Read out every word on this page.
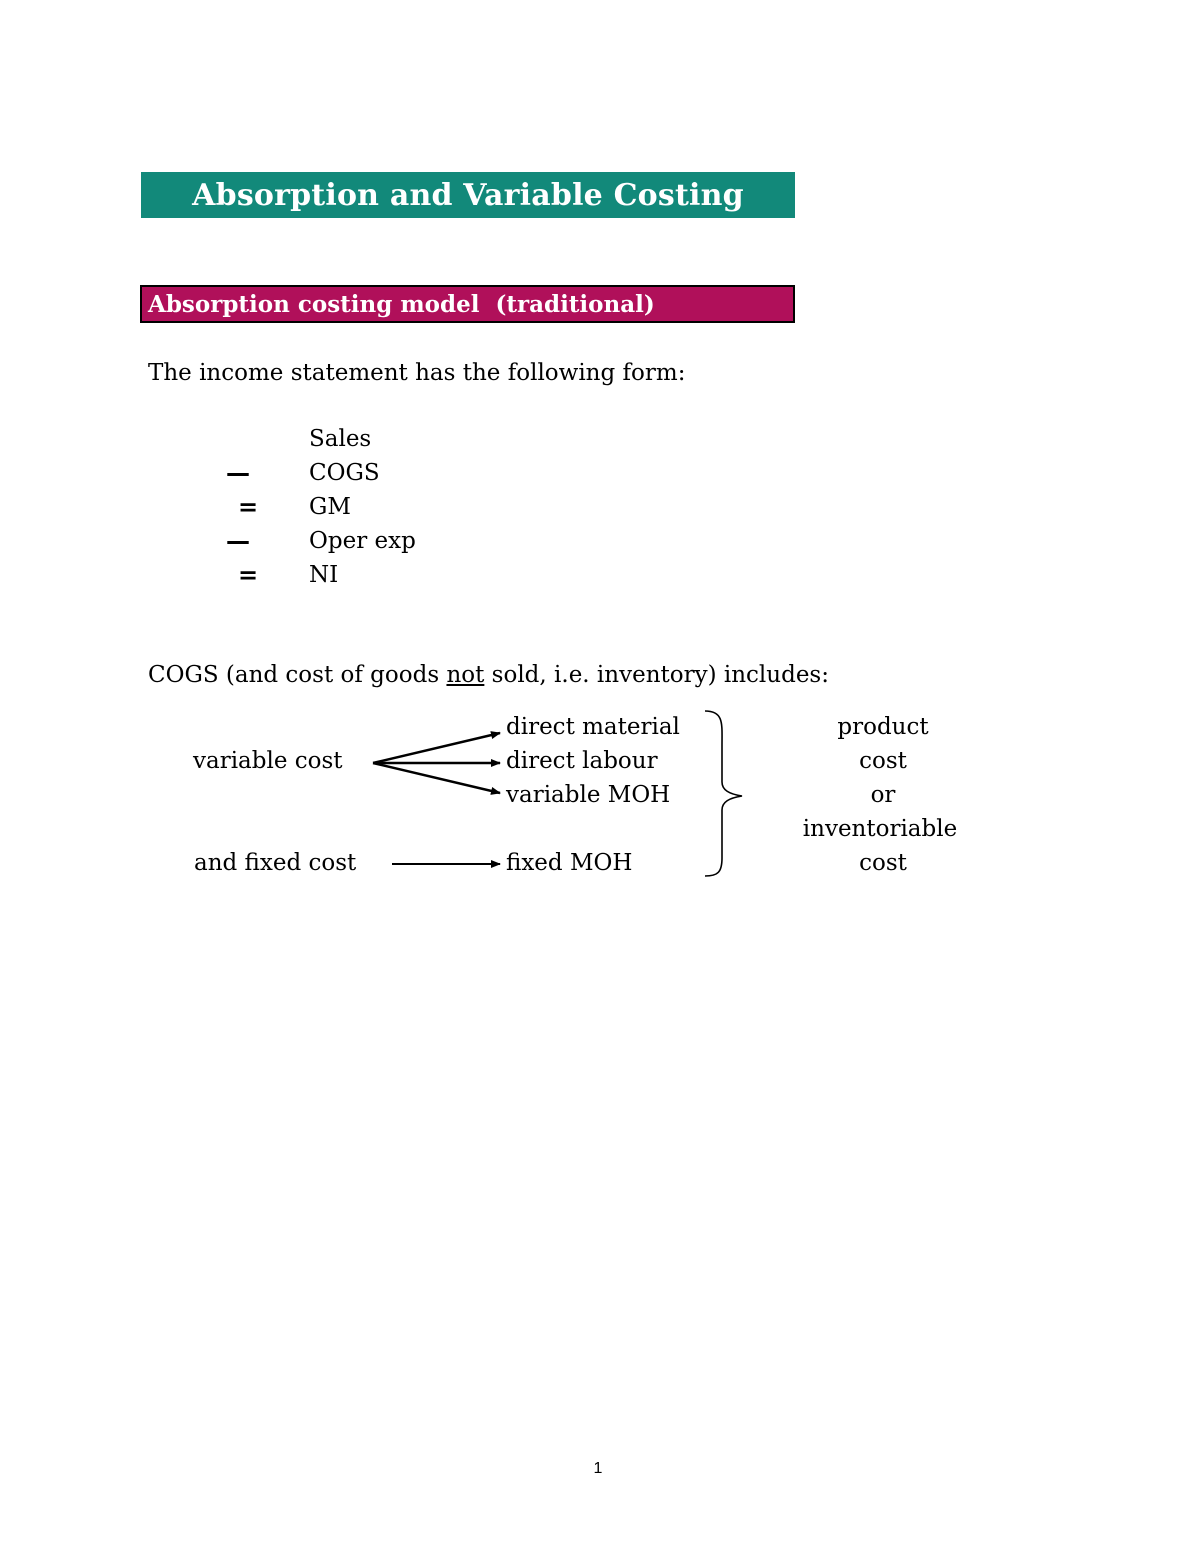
Absorption and Variable Costing
Absorption costing model  (traditional)
The income statement has the following form:
Sales
—	COGS
= GM
—	Oper exp
= NI
COGS (and cost of goods not sold, i.e. inventory) includes:
variable cost
and fixed cost
direct material
direct labour
variable MOH
fixed MOH
product
cost
or
inventoriable
cost
1
